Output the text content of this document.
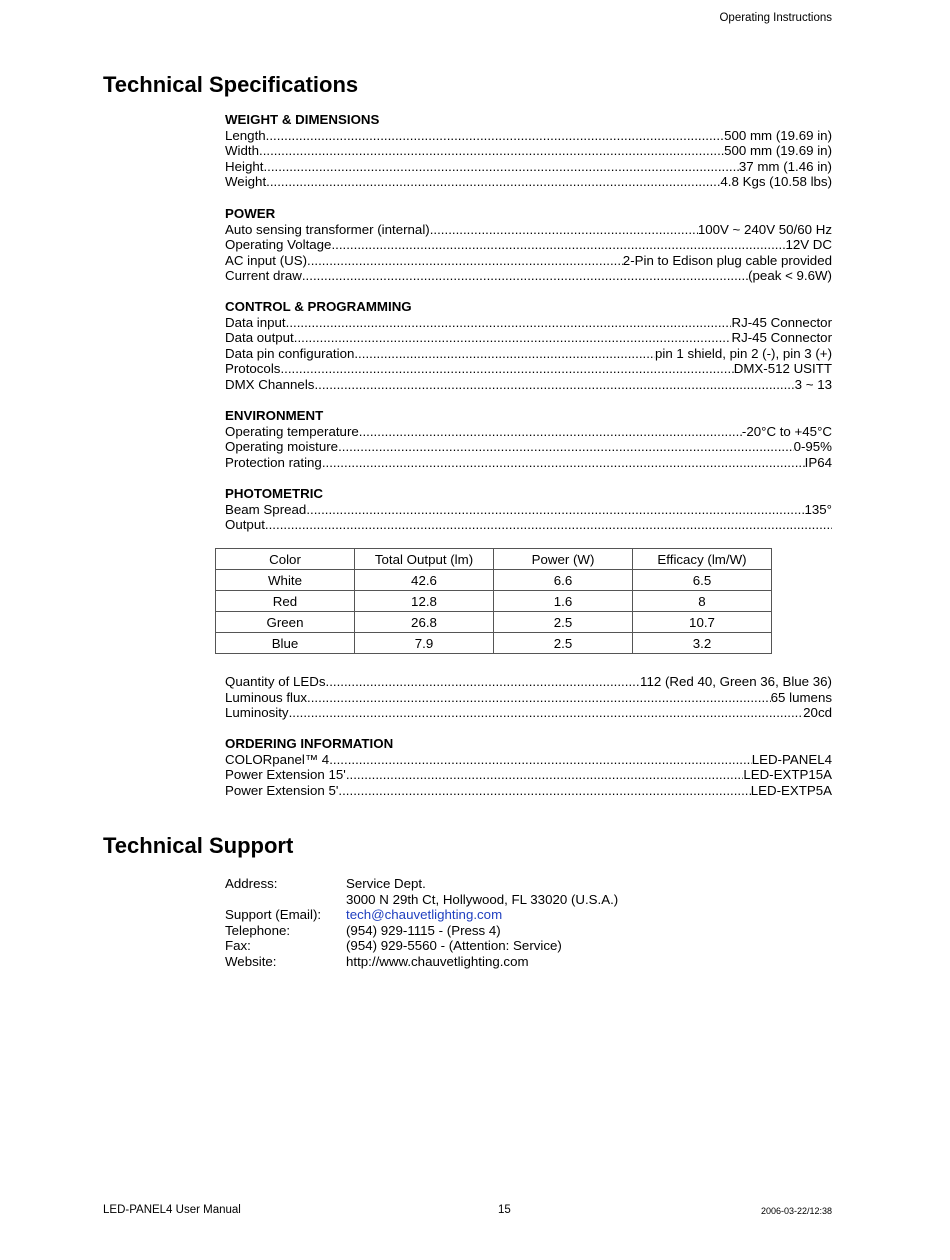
Operating Instructions
Technical Specifications
WEIGHT & DIMENSIONS
Length .....	500 mm (19.69 in)
Width .....	500 mm (19.69 in)
Height .....	37 mm (1.46 in)
Weight .....	4.8 Kgs (10.58 lbs)
POWER
Auto sensing transformer (internal) .....	100V ~ 240V 50/60 Hz
Operating Voltage .....	12V DC
AC input (US) .....	2-Pin to Edison plug cable provided
Current draw .....	(peak < 9.6W)
CONTROL & PROGRAMMING
Data input .....	RJ-45 Connector
Data output .....	RJ-45 Connector
Data pin configuration .....	pin 1 shield, pin 2 (-), pin 3 (+)
Protocols .....	DMX-512 USITT
DMX Channels .....	3 ~ 13
ENVIRONMENT
Operating temperature .....	-20°C to +45°C
Operating moisture .....	0-95%
Protection rating .....	IP64
PHOTOMETRIC
Beam Spread .....	135°
Output
.....
Color	Total Output (lm)	Power (W)	Efficacy (lm/W)
White	42.6	6.6	6.5
Red	12.8	1.6	8
Green	26.8	2.5	10.7
Blue	7.9	2.5	3.2
Quantity of LEDs .....	112 (Red 40, Green 36, Blue 36)
Luminous flux .....	65 lumens
Luminosity .....	20cd
ORDERING INFORMATION
COLORpanel™ 4 .....	LED-PANEL4
Power Extension 15' .....	LED-EXTP15A
Power Extension 5' .....	LED-EXTP5A
Technical Support
Address:	Service Dept.
3000 N 29th Ct, Hollywood, FL 33020 (U.S.A.)
Support (Email):	tech@chauvetlighting.com
Telephone:	(954) 929-1115 - (Press 4)
Fax:	(954) 929-5560 - (Attention: Service)
Website:	http://www.chauvetlighting.com
LED-PANEL4 User Manual	15	2006-03-22/12:38
